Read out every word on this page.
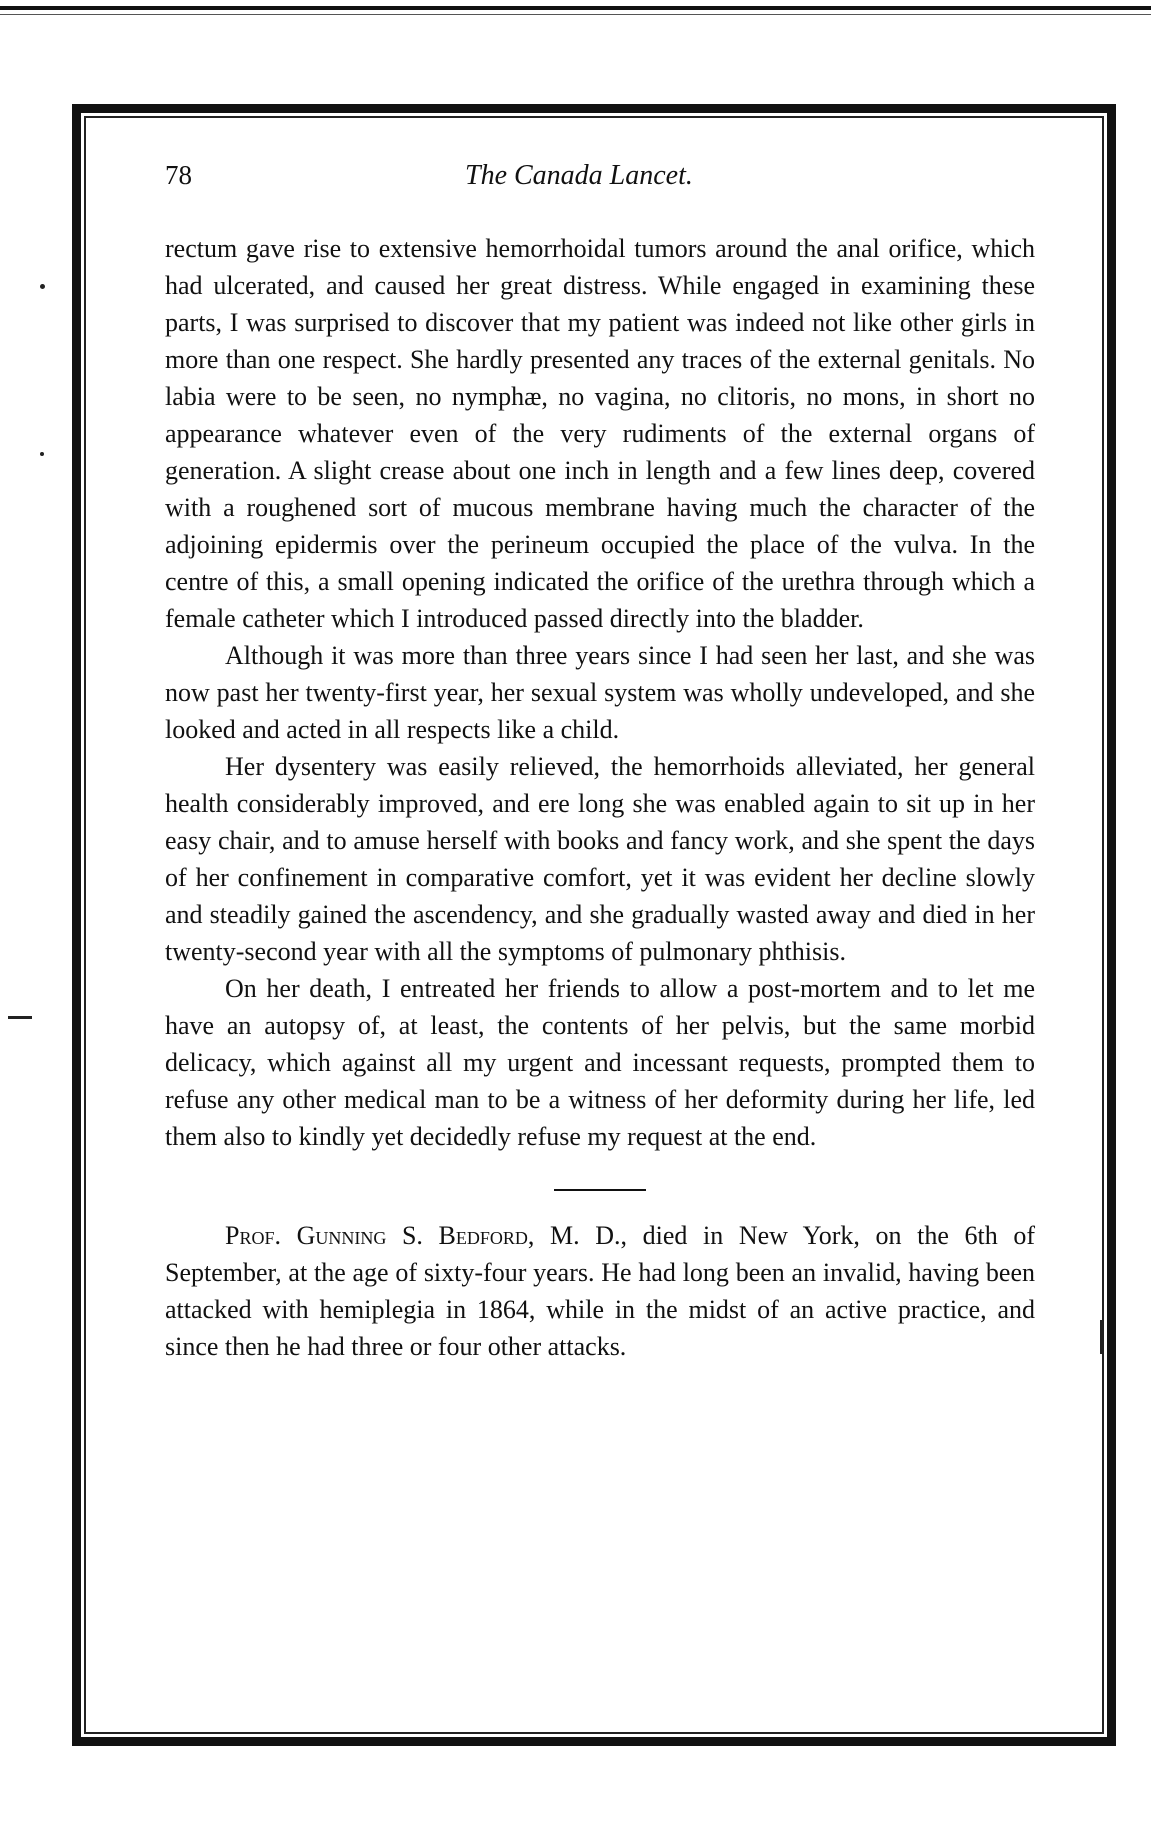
78	The Canada Lancet.

rectum gave rise to extensive hemorrhoidal tumors around the anal orifice, which had ulcerated, and caused her great distress. While engaged in examining these parts, I was surprised to discover that my patient was indeed not like other girls in more than one respect. She hardly presented any traces of the external genitals. No labia were to be seen, no nymphæ, no vagina, no clitoris, no mons, in short no appearance whatever even of the very rudiments of the external organs of generation. A slight crease about one inch in length and a few lines deep, covered with a roughened sort of mucous membrane having much the character of the adjoining epidermis over the perineum occupied the place of the vulva. In the centre of this, a small opening indicated the orifice of the urethra through which a female catheter which I introduced passed directly into the bladder.

Although it was more than three years since I had seen her last, and she was now past her twenty-first year, her sexual system was wholly undeveloped, and she looked and acted in all respects like a child.

Her dysentery was easily relieved, the hemorrhoids alleviated, her general health considerably improved, and ere long she was enabled again to sit up in her easy chair, and to amuse herself with books and fancy work, and she spent the days of her confinement in comparative comfort, yet it was evident her decline slowly and steadily gained the ascendency, and she gradually wasted away and died in her twenty-second year with all the symptoms of pulmonary phthisis.

On her death, I entreated her friends to allow a post-mortem and to let me have an autopsy of, at least, the contents of her pelvis, but the same morbid delicacy, which against all my urgent and incessant requests, prompted them to refuse any other medical man to be a witness of her deformity during her life, led them also to kindly yet decidedly refuse my request at the end.

Prof. Gunning S. Bedford, M. D., died in New York, on the 6th of September, at the age of sixty-four years. He had long been an invalid, having been attacked with hemiplegia in 1864, while in the midst of an active practice, and since then he had three or four other attacks.
